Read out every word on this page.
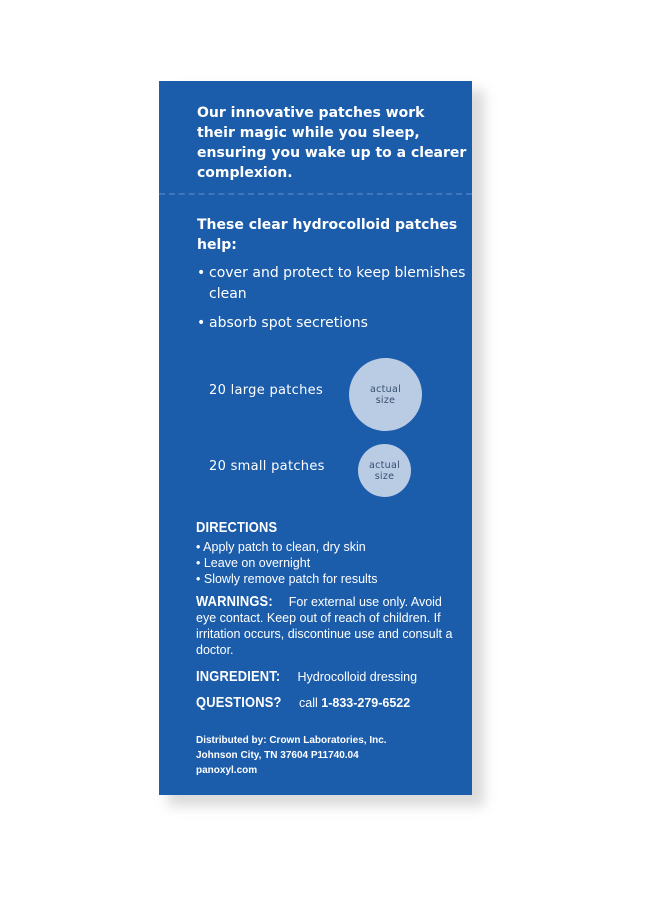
Our innovative patches work their magic while you sleep, ensuring you wake up to a clearer complexion.

These clear hydrocolloid patches help:

• cover and protect to keep blemishes clean
• absorb spot secretions
20 large patches	actual
size
20 small patches	actual
size
DIRECTIONS
• Apply patch to clean, dry skin
• Leave on overnight
• Slowly remove patch for results
WARNINGS: For external use only. Avoid eye contact. Keep out of reach of children. If irritation occurs, discontinue use and consult a doctor.
INGREDIENT: Hydrocolloid dressing
QUESTIONS? call 1-833-279-6522
Distributed by: Crown Laboratories, Inc.
Johnson City, TN 37604 P11740.04
panoxyl.com
